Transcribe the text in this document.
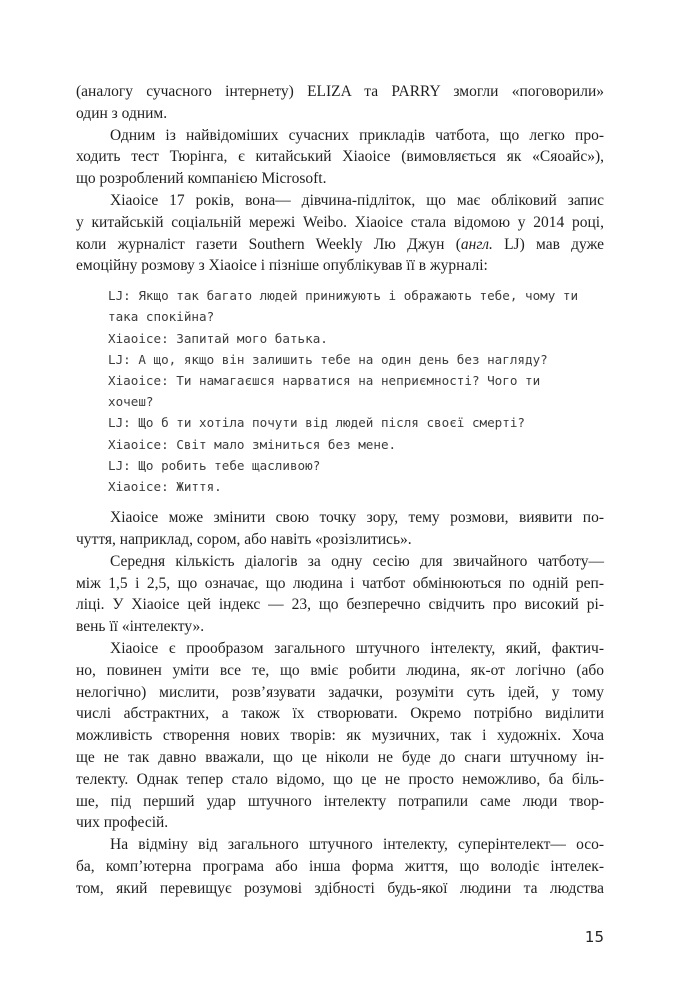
(аналогу сучасного інтернету) ELIZA та PARRY змогли «поговорили»
один з одним.
Одним із найвідоміших сучасних прикладів чатбота, що легко про-
ходить тест Тюрінга, є китайський Xiaoice (вимовляється як «Сяоайс»),
що розроблений компанією Microsoft.
Xiaoice 17 років, вона— дівчина-підліток, що має обліковий запис
у китайській соціальній мережі Weibo. Xiaoice стала відомою у 2014 році,
коли журналіст газети Southern Weekly Лю Джун (англ. LJ) мав дуже
емоційну розмову з Xiaoice і пізніше опублікував її в журналі:
LJ: Якщо так багато людей принижують і ображають тебе, чому ти
така спокійна?
Xiaoice: Запитай мого батька.
LJ: А що, якщо він залишить тебе на один день без нагляду?
Xiaoice: Ти намагаєшся нарватися на неприємності? Чого ти
хочеш?
LJ: Що б ти хотіла почути від людей після своєї смерті?
Xiaoice: Світ мало зміниться без мене.
LJ: Що робить тебе щасливою?
Xiaoice: Життя.
Xiaoice може змінити свою точку зору, тему розмови, виявити по-
чуття, наприклад, сором, або навіть «розізлитись».
Середня кількість діалогів за одну сесію для звичайного чатботу—
між 1,5 і 2,5, що означає, що людина і чатбот обмінюються по одній реп-
ліці. У Xiaoice цей індекс — 23, що безперечно свідчить про високий рі-
вень її «інтелекту».
Xiaoice є прообразом загального штучного інтелекту, який, фактич-
но, повинен уміти все те, що вміє робити людина, як-от логічно (або
нелогічно) мислити, розв’язувати задачки, розуміти суть ідей, у тому
числі абстрактних, а також їх створювати. Окремо потрібно виділити
можливість створення нових творів: як музичних, так і художніх. Хоча
ще не так давно вважали, що це ніколи не буде до снаги штучному ін-
телекту. Однак тепер стало відомо, що це не просто неможливо, ба біль-
ше, під перший удар штучного інтелекту потрапили саме люди твор-
чих професій.
На відміну від загального штучного інтелекту, суперінтелект— осо-
ба, комп’ютерна програма або інша форма життя, що володіє інтелек-
том, який перевищує розумові здібності будь-якої людини та людства
15
